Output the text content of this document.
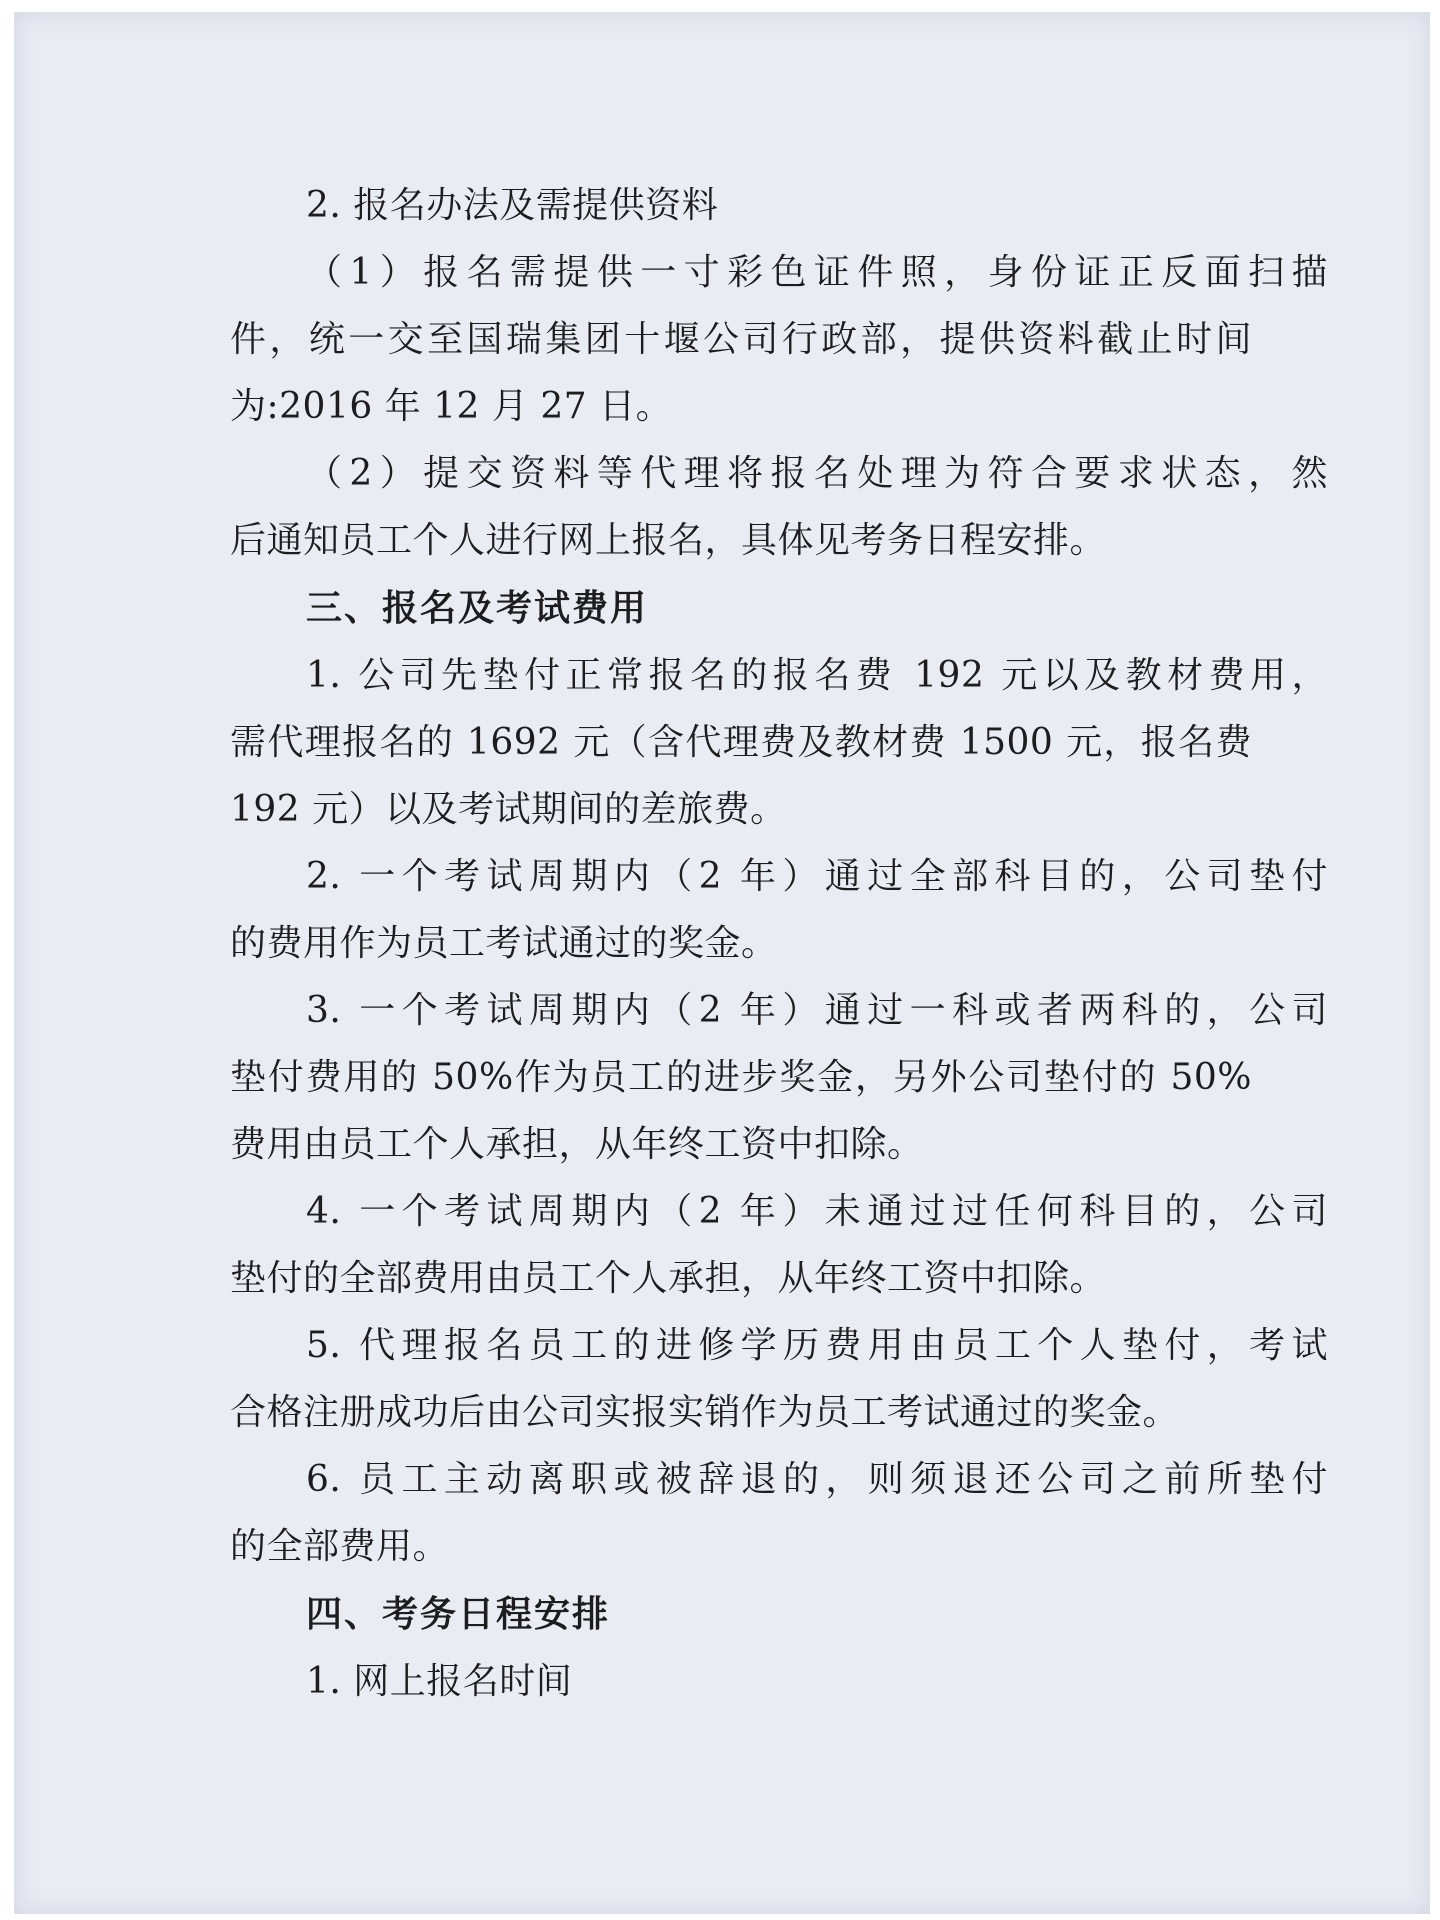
2. 报名办法及需提供资料
（1）报名需提供一寸彩色证件照，身份证正反面扫描
件，统一交至国瑞集团十堰公司行政部，提供资料截止时间
为:2016 年 12 月 27 日。
（2）提交资料等代理将报名处理为符合要求状态，然
后通知员工个人进行网上报名，具体见考务日程安排。
三、报名及考试费用
1. 公司先垫付正常报名的报名费 192 元以及教材费用，
需代理报名的 1692 元（含代理费及教材费 1500 元，报名费
192 元）以及考试期间的差旅费。
2. 一个考试周期内（2 年）通过全部科目的，公司垫付
的费用作为员工考试通过的奖金。
3. 一个考试周期内（2 年）通过一科或者两科的，公司
垫付费用的 50%作为员工的进步奖金，另外公司垫付的 50%
费用由员工个人承担，从年终工资中扣除。
4. 一个考试周期内（2 年）未通过过任何科目的，公司
垫付的全部费用由员工个人承担，从年终工资中扣除。
5. 代理报名员工的进修学历费用由员工个人垫付，考试
合格注册成功后由公司实报实销作为员工考试通过的奖金。
6. 员工主动离职或被辞退的，则须退还公司之前所垫付
的全部费用。
四、考务日程安排
1. 网上报名时间
